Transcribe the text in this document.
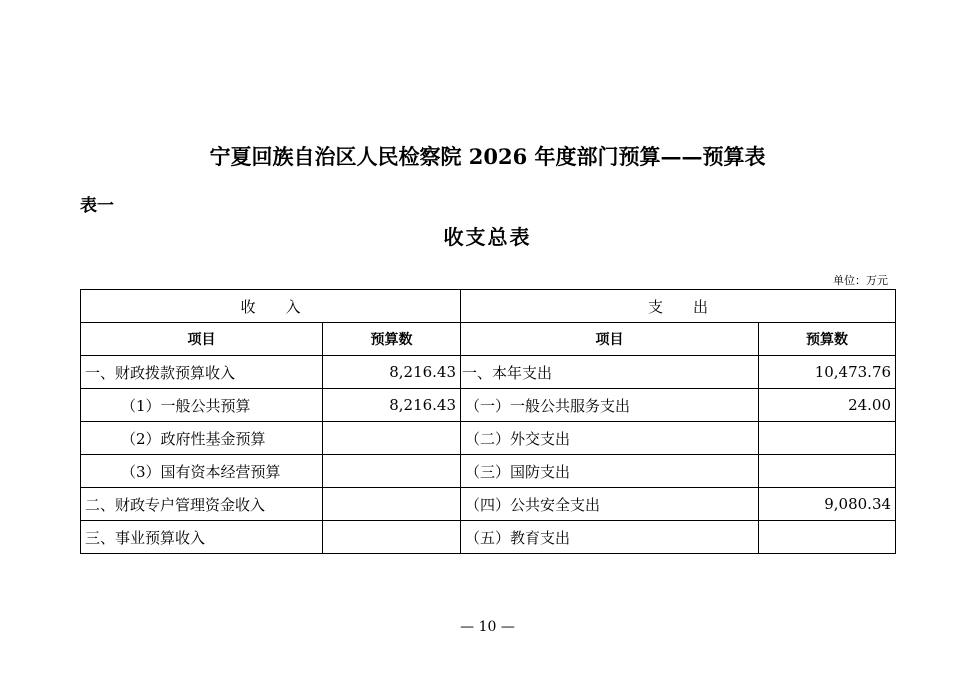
宁夏回族自治区人民检察院 2026 年度部门预算——预算表
表一
收支总表
单位：万元
收　　入		支　　出	
项目	预算数	项目	预算数
一、财政拨款预算收入	8,216.43	一、本年支出	10,473.76
（1）一般公共预算	8,216.43	（一）一般公共服务支出	24.00
（2）政府性基金预算		（二）外交支出	
（3）国有资本经营预算		（三）国防支出	
二、财政专户管理资金收入		（四）公共安全支出	9,080.34
三、事业预算收入		（五）教育支出	
— 10 —
